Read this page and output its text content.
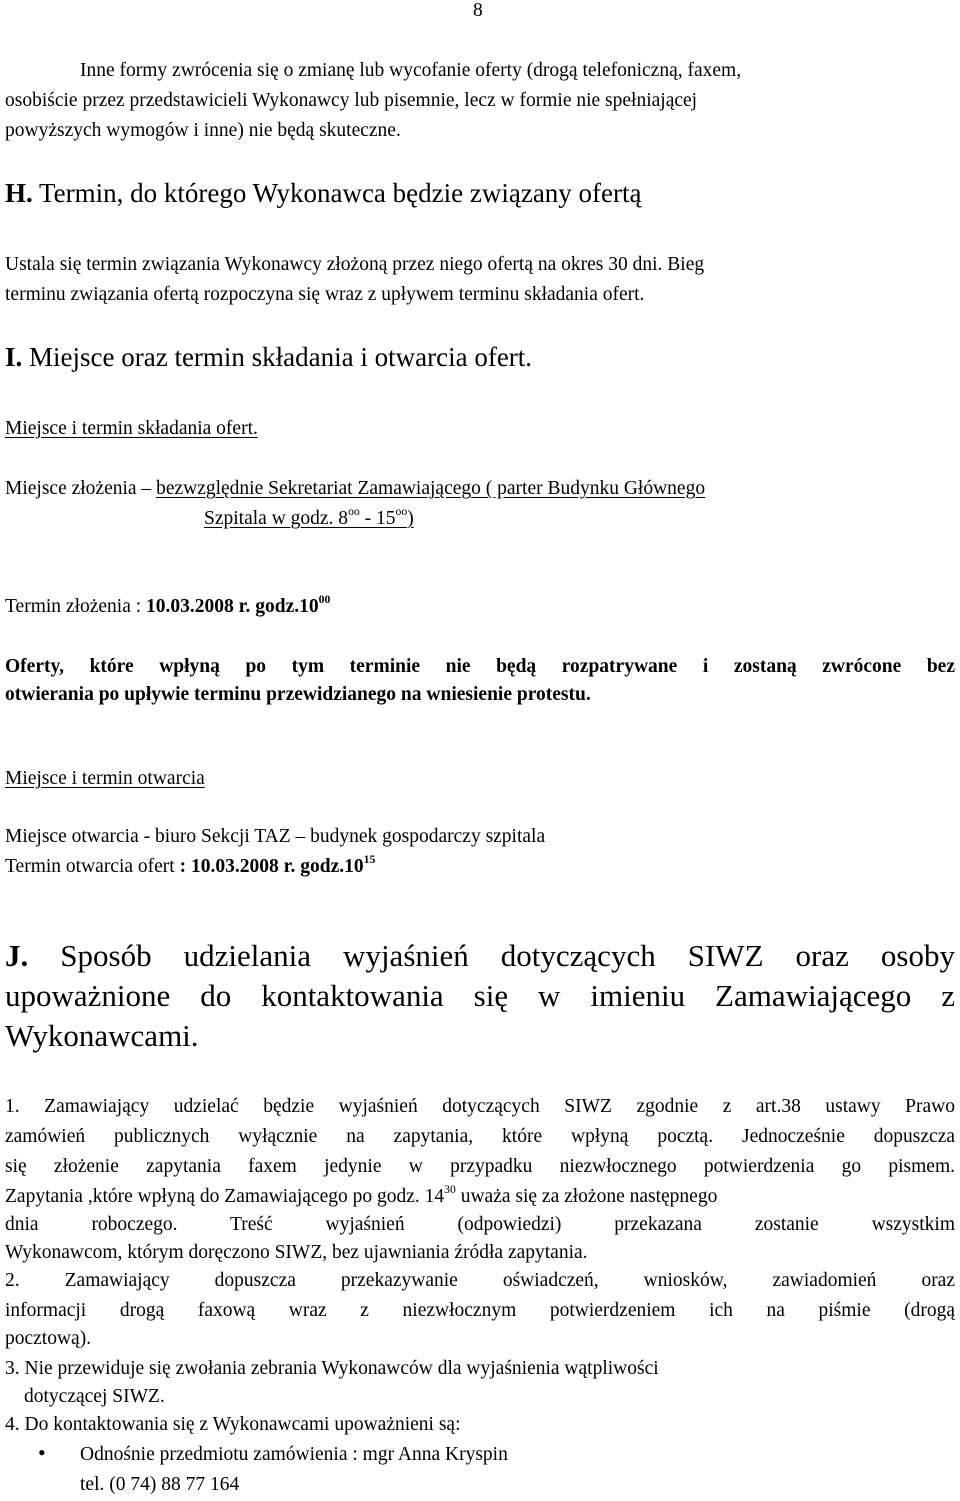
8
Inne formy zwrócenia się o zmianę lub wycofanie oferty (drogą telefoniczną, faxem,
osobiście przez przedstawicieli Wykonawcy lub pisemnie, lecz w formie nie spełniającej
powyższych wymogów i inne) nie będą skuteczne.
H. Termin, do którego Wykonawca będzie związany ofertą
Ustala się termin związania Wykonawcy złożoną przez niego ofertą na okres 30 dni. Bieg
terminu związania ofertą rozpoczyna się wraz z upływem terminu składania ofert.
I. Miejsce oraz termin składania i otwarcia ofert.
Miejsce i termin składania ofert.
Miejsce złożenia – bezwzględnie Sekretariat Zamawiającego ( parter Budynku Głównego
Szpitala w godz. $8^{oo} - 15^{oo}$)
Termin złożenia : 10.03.2008 r. $godz.10^{00}$
Oferty, które wpłyną po tym terminie nie będą rozpatrywane i zostaną zwrócone bez
otwierania po upływie terminu przewidzianego na wniesienie protestu.
Miejsce i termin otwarcia
Miejsce otwarcia - biuro Sekcji TAZ – budynek gospodarczy szpitala
Termin otwarcia ofert : 10.03.2008 r. $godz.10^{15}$
J. Sposób udzielania wyjaśnień dotyczących SIWZ oraz osoby
upoważnione do kontaktowania się w imieniu Zamawiającego z
Wykonawcami.
1. Zamawiający udzielać będzie wyjaśnień dotyczących SIWZ zgodnie z art.38 ustawy Prawo
zamówień publicznych wyłącznie na zapytania, które wpłyną pocztą. Jednocześnie dopuszcza
się złożenie zapytania faxem jedynie w przypadku niezwłocznego potwierdzenia go pismem.
Zapytania ,które wpłyną do Zamawiającego po godz. $14^{30}$ uważa się za złożone następnego
dnia roboczego. Treść wyjaśnień (odpowiedzi) przekazana zostanie wszystkim
Wykonawcom, którym doręczono SIWZ, bez ujawniania źródła zapytania.
2. Zamawiający dopuszcza przekazywanie oświadczeń, wniosków, zawiadomień oraz
informacji drogą faxową wraz z niezwłocznym potwierdzeniem ich na piśmie (drogą
pocztową).
3. Nie przewiduje się zwołania zebrania Wykonawców dla wyjaśnienia wątpliwości
dotyczącej SIWZ.
4. Do kontaktowania się z Wykonawcami upoważnieni są:
• Odnośnie przedmiotu zamówienia : mgr Anna Kryspin
tel. (0 74) 88 77 164
